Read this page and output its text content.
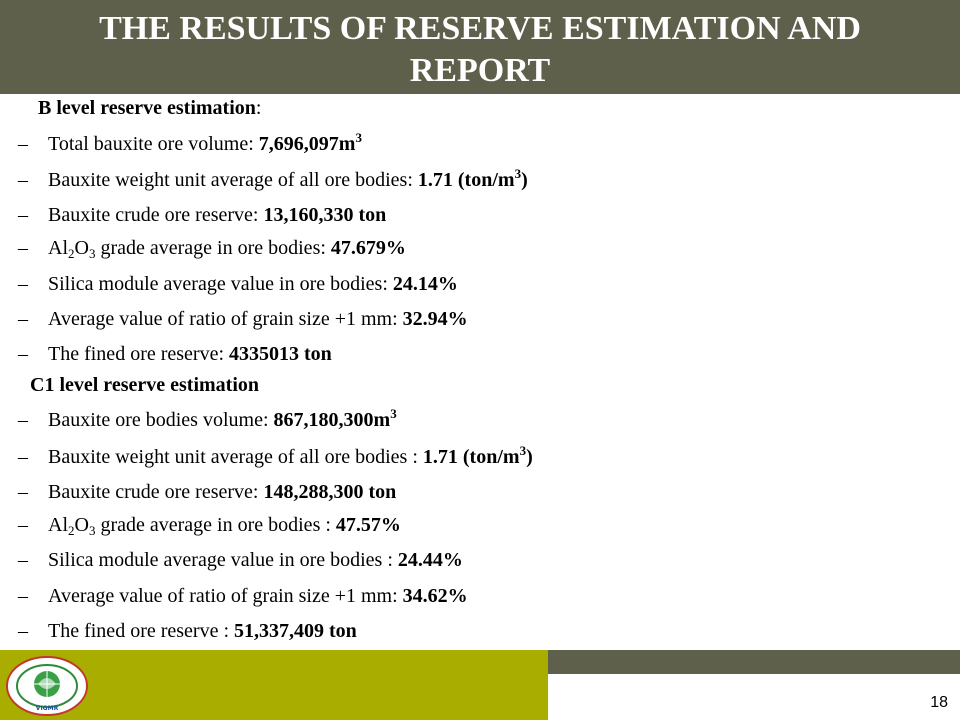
THE RESULTS OF RESERVE ESTIMATION AND
REPORT
B level reserve estimation:
– Total bauxite ore volume: $7,696,097m^3$
– Bauxite weight unit average of all ore bodies: 1.71 $(ton/m^3)$
– Bauxite crude ore reserve: 13,160,330 ton
– $Al_2O_3$ grade average in ore bodies: 47.679%
– Silica module average value in ore bodies: 24.14%
– Average value of ratio of grain size +1 mm: 32.94%
– The fined ore reserve: 4335013 ton
C1 level reserve estimation
– Bauxite ore bodies volume: $867,180,300m^3$
– Bauxite weight unit average of all ore bodies : 1.71 $(ton/m^3)$
– Bauxite crude ore reserve: 148,288,300 ton
– $Al_2O_3$ grade average in ore bodies : 47.57%
– Silica module average value in ore bodies : 24.44%
– Average value of ratio of grain size +1 mm: 34.62%
– The fined ore reserve : 51,337,409 ton
18
VIGMR
